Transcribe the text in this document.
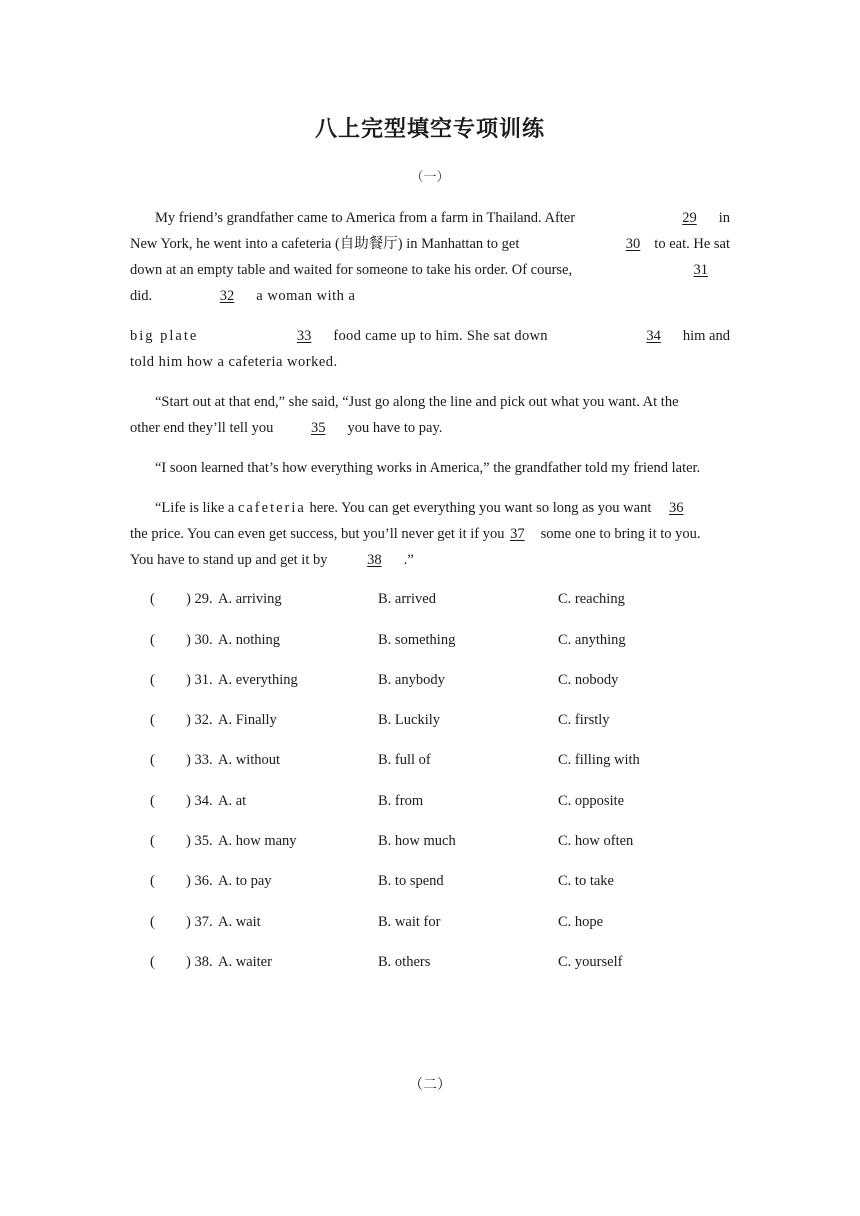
八上完型填空专项训练
（一）
My friend’s grandfather came to America from a farm in Thailand. After	29 in
New York, he went into a cafeteria (自助餐厅) in Manhattan to get	30 to eat. He sat
down at an empty table and waited for someone to take his order. Of course,	31
did.	32 a woman with a
big plate	33 food came up to him. She sat down	34 him and
told him how a cafeteria worked.
“Start out at that end,” she said, “Just go along the line and pick out what you want. At the
other end they’ll tell you	35 you have to pay.
“I soon learned that’s how everything works in America,” the grandfather told my friend later.
“Life is like a cafeteria here. You can get everything you want so long as you want 36
the price. You can even get success, but you’ll never get it if you 37 some one to bring it to you.
You have to stand up and get it by	38 .”
( ) 29. A. arriving	B. arrived	C. reaching
( ) 30. A. nothing	B. something	C. anything
( ) 31. A. everything	B. anybody	C. nobody
( ) 32. A. Finally	B. Luckily	C. firstly
( ) 33. A. without	B. full of	C. filling with
( ) 34. A. at	B. from	C. opposite
( ) 35. A. how many	B. how much	C. how often
( ) 36. A. to pay	B. to spend	C. to take
( ) 37. A. wait	B. wait for	C. hope
( ) 38. A. waiter	B. others	C. yourself
（二）
